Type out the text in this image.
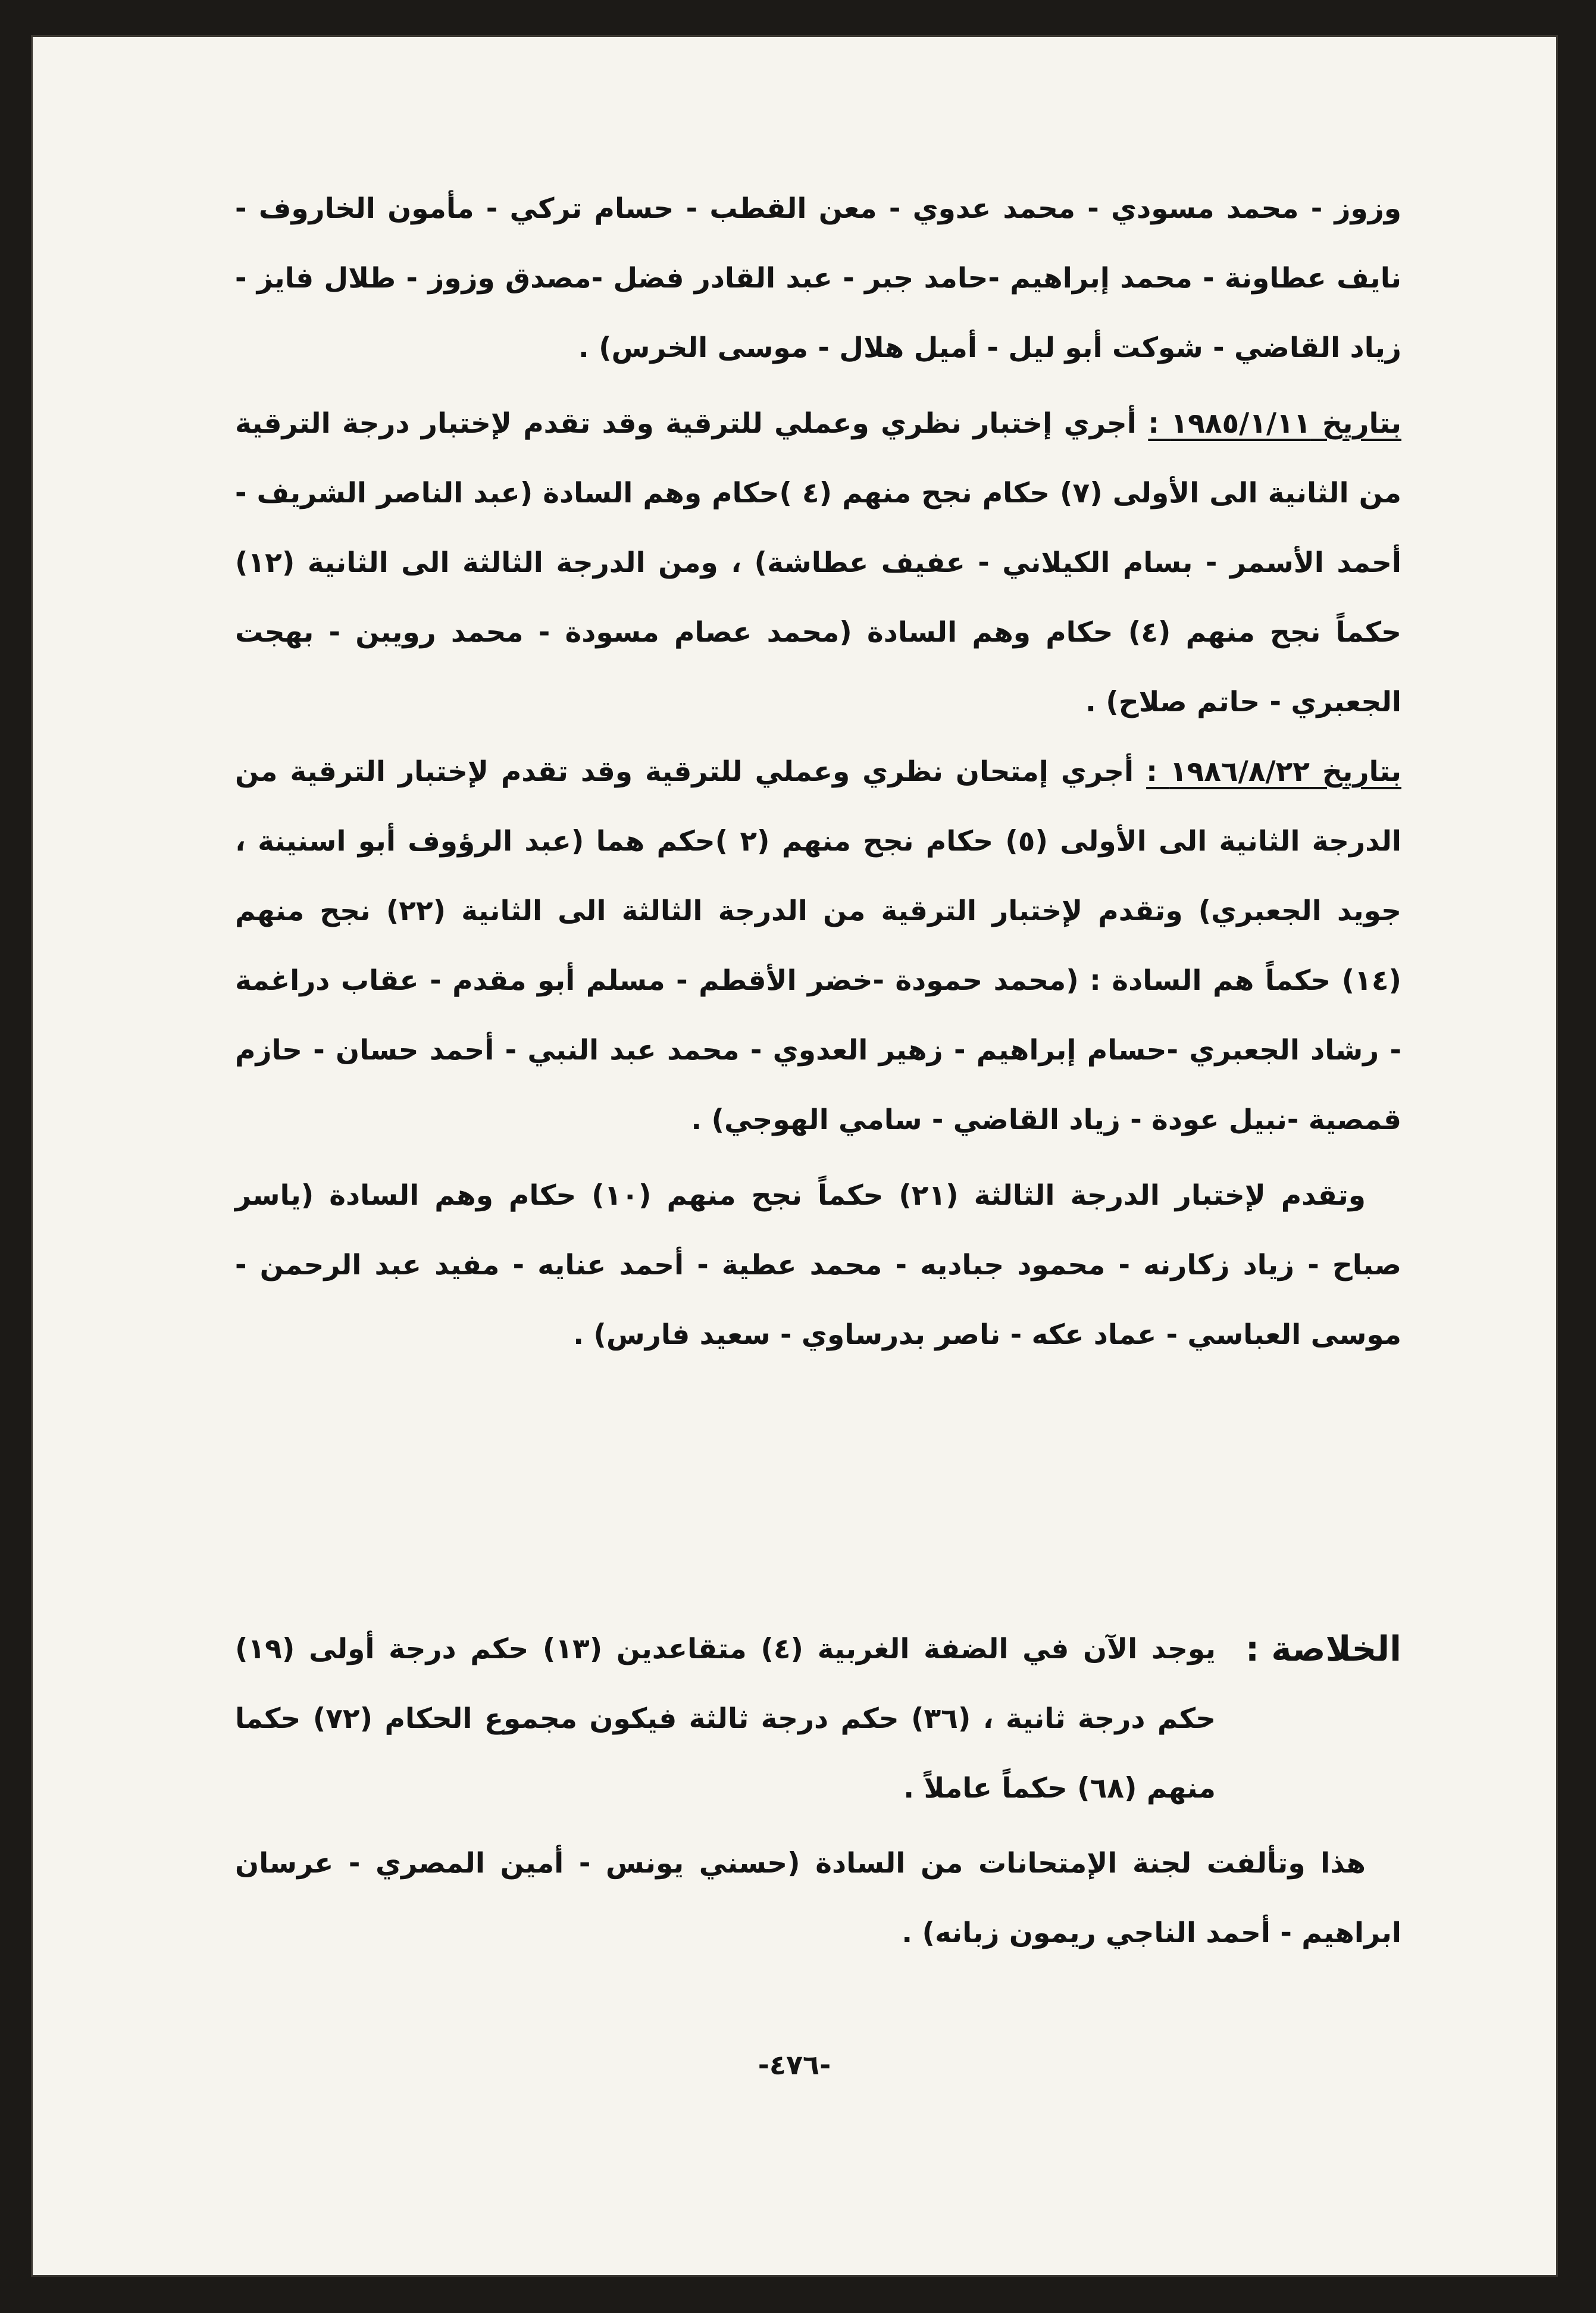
وزوز - محمد مسودي - محمد عدوي - معن القطب - حسام تركي - مأمون الخاروف - نايف عطاونة - محمد إبراهيم -حامد جبر - عبد القادر فضل -مصدق وزوز - طلال فايز - زياد القاضي - شوكت أبو ليل - أميل هلال - موسى الخرس) .

بتاريخ ١٩٨٥/١/١١ : أجري إختبار نظري وعملي للترقية وقد تقدم لإختبار درجة الترقية من الثانية الى الأولى (٧) حكام نجح منهم (٤ )حكام وهم السادة (عبد الناصر الشريف - أحمد الأسمر - بسام الكيلاني - عفيف عطاشة) ، ومن الدرجة الثالثة الى الثانية (١٢) حكماً نجح منهم (٤) حكام وهم السادة (محمد عصام مسودة - محمد رويبن - بهجت الجعبري - حاتم صلاح) .

بتاريخ ١٩٨٦/٨/٢٢ : أجري إمتحان نظري وعملي للترقية وقد تقدم لإختبار الترقية من الدرجة الثانية الى الأولى (٥) حكام نجح منهم (٢ )حكم هما (عبد الرؤوف أبو اسنينة ، جويد الجعبري) وتقدم لإختبار الترقية من الدرجة الثالثة الى الثانية (٢٢) نجح منهم (١٤) حكماً هم السادة : (محمد حمودة -خضر الأقطم - مسلم أبو مقدم - عقاب دراغمة - رشاد الجعبري -حسام إبراهيم - زهير العدوي - محمد عبد النبي - أحمد حسان - حازم قمصية -نبيل عودة - زياد القاضي - سامي الهوجي) .

وتقدم لإختبار الدرجة الثالثة (٢١) حكماً نجح منهم (١٠) حكام وهم السادة (ياسر صباح - زياد زكارنه - محمود جباديه - محمد عطية - أحمد عنايه - مفيد عبد الرحمن - موسى العباسي - عماد عكه - ناصر بدرساوي - سعيد فارس) .

الخلاصة :

يوجد الآن في الضفة الغربية (٤) متقاعدين (١٣) حكم درجة أولى (١٩) حكم درجة ثانية ، (٣٦) حكم درجة ثالثة فيكون مجموع الحكام (٧٢) حكما منهم (٦٨) حكماً عاملاً .

هذا وتألفت لجنة الإمتحانات من السادة (حسني يونس - أمين المصري - عرسان ابراهيم - أحمد الناجي ريمون زبانه) .

-٤٧٦-
